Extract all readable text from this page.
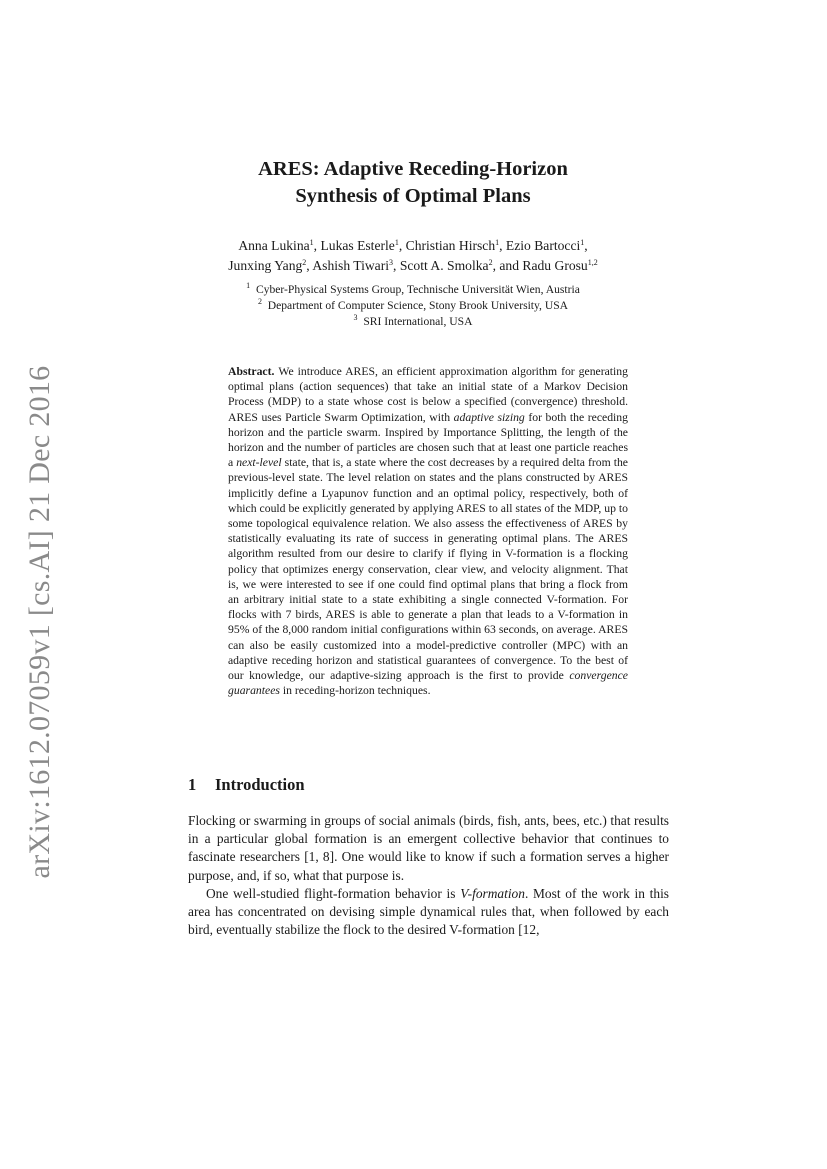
arXiv:1612.07059v1 [cs.AI] 21 Dec 2016
ARES: Adaptive Receding-Horizon
Synthesis of Optimal Plans
Anna Lukina$^1$, Lukas Esterle$^1$, Christian Hirsch$^1$, Ezio Bartocci$^1$,
Junxing Yang$^2$, Ashish Tiwari$^3$, Scott A. Smolka$^2$, and Radu Grosu$^{1,2}$
$^1$ Cyber-Physical Systems Group, Technische Universität Wien, Austria
$^2$ Department of Computer Science, Stony Brook University, USA
$^3$ SRI International, USA
Abstract. We introduce ARES, an efficient approximation algorithm for generating optimal plans (action sequences) that take an initial state of a Markov Decision Process (MDP) to a state whose cost is below a specified (convergence) threshold. ARES uses Particle Swarm Optimization, with adaptive sizing for both the receding horizon and the particle swarm. Inspired by Importance Splitting, the length of the horizon and the number of particles are chosen such that at least one particle reaches a next-level state, that is, a state where the cost decreases by a required delta from the previous-level state. The level relation on states and the plans constructed by ARES implicitly define a Lyapunov function and an optimal policy, respectively, both of which could be explicitly generated by applying ARES to all states of the MDP, up to some topological equivalence relation. We also assess the effectiveness of ARES by statistically evaluating its rate of success in generating optimal plans. The ARES algorithm resulted from our desire to clarify if flying in V-formation is a flocking policy that optimizes energy conservation, clear view, and velocity alignment. That is, we were interested to see if one could find optimal plans that bring a flock from an arbitrary initial state to a state exhibiting a single connected V-formation. For flocks with 7 birds, ARES is able to generate a plan that leads to a V-formation in 95% of the 8,000 random initial configurations within 63 seconds, on average. ARES can also be easily customized into a model-predictive controller (MPC) with an adaptive receding horizon and statistical guarantees of convergence. To the best of our knowledge, our adaptive-sizing approach is the first to provide convergence guarantees in receding-horizon techniques.
1 Introduction

Flocking or swarming in groups of social animals (birds, fish, ants, bees, etc.) that results in a particular global formation is an emergent collective behavior that continues to fascinate researchers [1, 8]. One would like to know if such a formation serves a higher purpose, and, if so, what that purpose is.

One well-studied flight-formation behavior is V-formation. Most of the work in this area has concentrated on devising simple dynamical rules that, when followed by each bird, eventually stabilize the flock to the desired V-formation [12,
